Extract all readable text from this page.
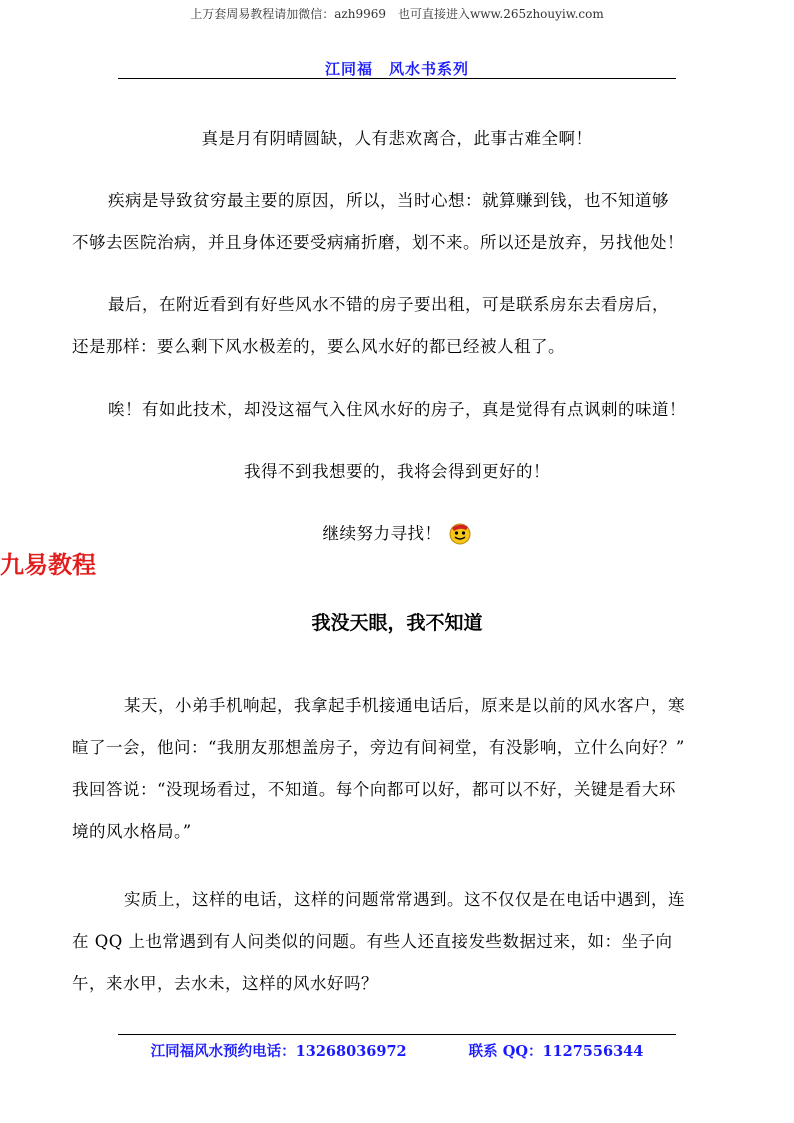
上万套周易教程请加微信：azh9969　也可直接进入www.265zhouyiw.com
江同福　风水书系列
真是月有阴晴圆缺，人有悲欢离合，此事古难全啊！
疾病是导致贫穷最主要的原因，所以，当时心想：就算赚到钱，也不知道够
不够去医院治病，并且身体还要受病痛折磨，划不来。所以还是放弃，另找他处！
最后，在附近看到有好些风水不错的房子要出租，可是联系房东去看房后，
还是那样：要么剩下风水极差的，要么风水好的都已经被人租了。
唉！有如此技术，却没这福气入住风水好的房子，真是觉得有点讽刺的味道！
我得不到我想要的，我将会得到更好的！
继续努力寻找！
九易教程
我没天眼，我不知道
某天，小弟手机响起，我拿起手机接通电话后，原来是以前的风水客户，寒
暄了一会，他问：“我朋友那想盖房子，旁边有间祠堂，有没影响，立什么向好？”
我回答说：“没现场看过，不知道。每个向都可以好，都可以不好，关键是看大环
境的风水格局。”
实质上，这样的电话，这样的问题常常遇到。这不仅仅是在电话中遇到，连
在 QQ 上也常遇到有人问类似的问题。有些人还直接发些数据过来，如：坐子向
午，来水甲，去水未，这样的风水好吗？
江同福风水预约电话：13268036972	联系 QQ：1127556344
